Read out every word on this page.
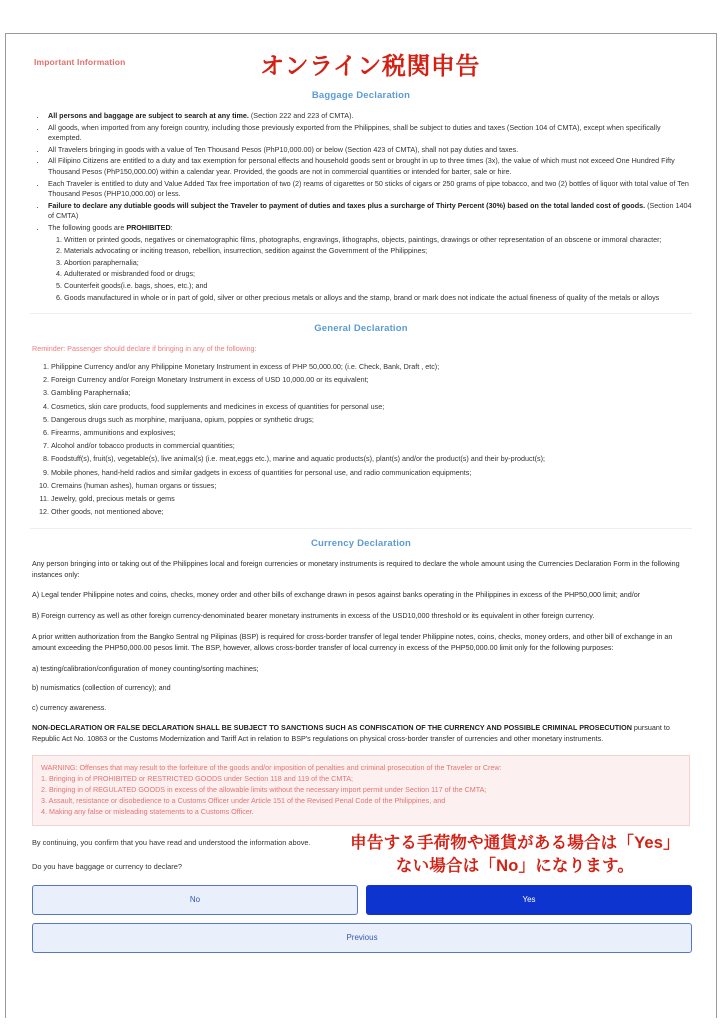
Important Information	オンライン税関申告
Baggage Declaration
• All persons and baggage are subject to search at any time. (Section 222 and 223 of CMTA).
• All goods, when imported from any foreign country, including those previously exported from the Philippines, shall be subject to duties and taxes (Section 104 of CMTA), except when specifically exempted.
• All Travelers bringing in goods with a value of Ten Thousand Pesos (PhP10,000.00) or below (Section 423 of CMTA), shall not pay duties and taxes.
• All Filipino Citizens are entitled to a duty and tax exemption for personal effects and household goods sent or brought in up to three times (3x), the value of which must not exceed One Hundred Fifty Thousand Pesos (PhP150,000.00) within a calendar year. Provided, the goods are not in commercial quantities or intended for barter, sale or hire.
• Each Traveler is entitled to duty and Value Added Tax free importation of two (2) reams of cigarettes or 50 sticks of cigars or 250 grams of pipe tobacco, and two (2) bottles of liquor with total value of Ten Thousand Pesos (PHP10,000.00) or less.
• Failure to declare any dutiable goods will subject the Traveler to payment of duties and taxes plus a surcharge of Thirty Percent (30%) based on the total landed cost of goods. (Section 1404 of CMTA)
• The following goods are PROHIBITED:
1. Written or printed goods, negatives or cinematographic films, photographs, engravings, lithographs, objects, paintings, drawings or other representation of an obscene or immoral character;
2. Materials advocating or inciting treason, rebellion, insurrection, sedition against the Government of the Philippines;
3. Abortion paraphernalia;
4. Adulterated or misbranded food or drugs;
5. Counterfeit goods(i.e. bags, shoes, etc.); and
6. Goods manufactured in whole or in part of gold, silver or other precious metals or alloys and the stamp, brand or mark does not indicate the actual fineness of quality of the metals or alloys
General Declaration
Reminder: Passenger should declare if bringing in any of the following:
1. Philippine Currency and/or any Philippine Monetary Instrument in excess of PHP 50,000.00; (i.e. Check, Bank, Draft , etc);
2. Foreign Currency and/or Foreign Monetary Instrument in excess of USD 10,000.00 or its equivalent;
3. Gambling Paraphernalia;
4. Cosmetics, skin care products, food supplements and medicines in excess of quantities for personal use;
5. Dangerous drugs such as morphine, marijuana, opium, poppies or synthetic drugs;
6. Firearms, ammunitions and explosives;
7. Alcohol and/or tobacco products in commercial quantities;
8. Foodstuff(s), fruit(s), vegetable(s), live animal(s) (i.e. meat,eggs etc.), marine and aquatic products(s), plant(s) and/or the product(s) and their by-product(s);
9. Mobile phones, hand-held radios and similar gadgets in excess of quantities for personal use, and radio communication equipments;
10. Cremains (human ashes), human organs or tissues;
11. Jewelry, gold, precious metals or gems
12. Other goods, not mentioned above;
Currency Declaration
Any person bringing into or taking out of the Philippines local and foreign currencies or monetary instruments is required to declare the whole amount using the Currencies Declaration Form in the following instances only:
A) Legal tender Philippine notes and coins, checks, money order and other bills of exchange drawn in pesos against banks operating in the Philippines in excess of the PHP50,000 limit; and/or
B) Foreign currency as well as other foreign currency-denominated bearer monetary instruments in excess of the USD10,000 threshold or its equivalent in other foreign currency.
A prior written authorization from the Bangko Sentral ng Pilipinas (BSP) is required for cross-border transfer of legal tender Philippine notes, coins, checks, money orders, and other bill of exchange in an amount exceeding the PHP50,000.00 pesos limit. The BSP, however, allows cross-border transfer of local currency in excess of the PHP50,000.00 limit only for the following purposes:
a) testing/calibration/configuration of money counting/sorting machines;
b) numismatics (collection of currency); and
c) currency awareness.
NON-DECLARATION OR FALSE DECLARATION SHALL BE SUBJECT TO SANCTIONS SUCH AS CONFISCATION OF THE CURRENCY AND POSSIBLE CRIMINAL PROSECUTION pursuant to Republic Act No. 10863 or the Customs Modernization and Tariff Act in relation to BSP's regulations on physical cross-border transfer of currencies and other monetary instruments.
WARNING: Offenses that may result to the forfeiture of the goods and/or imposition of penalties and criminal prosecution of the Traveler or Crew:
1. Bringing in of PROHIBITED or RESTRICTED GOODS under Section 118 and 119 of the CMTA;
2. Bringing in of REGULATED GOODS in excess of the allowable limits without the necessary import permit under Section 117 of the CMTA;
3. Assault, resistance or disobedience to a Customs Officer under Article 151 of the Revised Penal Code of the Philippines, and
4. Making any false or misleading statements to a Customs Officer.
申告する手荷物や通貨がある場合は「Yes」
ない場合は「No」になります。
By continuing, you confirm that you have read and understood the information above.
Do you have baggage or currency to declare?
No	Yes
Previous
